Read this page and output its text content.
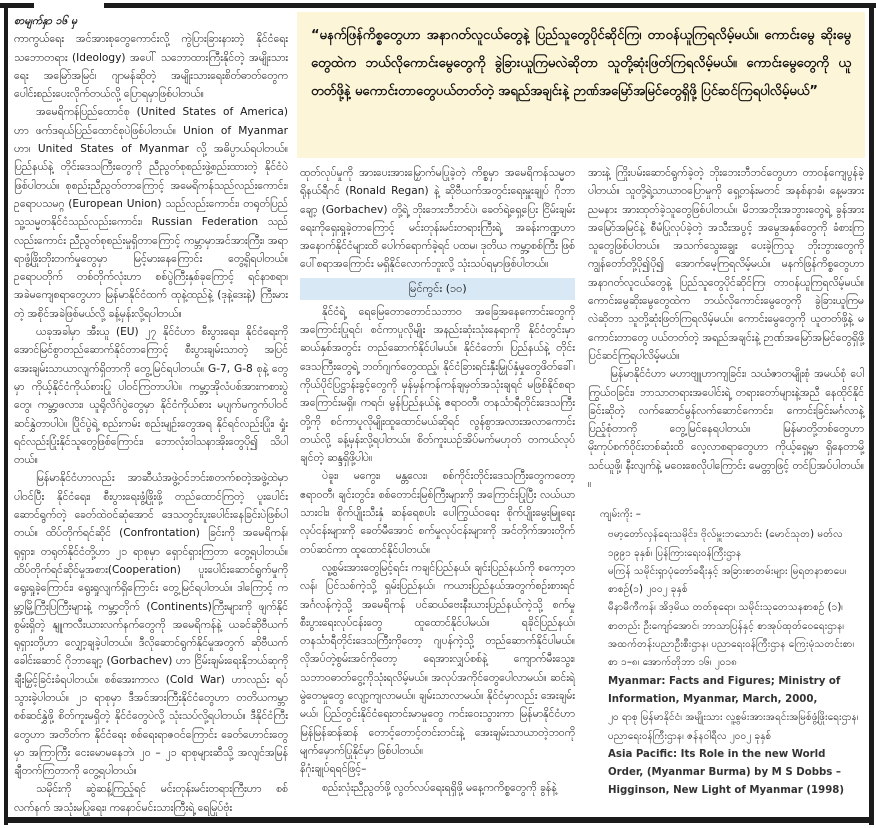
စာမျက်နှာ ၁၆ မှ

ကာကွယ်ရေး အင်အားစုတွေကောင်းလို့ ကွဲပြားခြားနားတဲ့ နိုင်ငံရေးသဘောတရား (Ideology) အပေါ် သဘောထားကြီးနိုင်တဲ့ အမျိုးသားရေး အမြော်အမြင်၊ ဂျာမန်ဆိုတဲ့ အမျိုးသားရေးစိတ်ဓာတ်တွေက ပေါင်းစည်းပေးလိုက်တယ်လို့ ပြောရမှာဖြစ်ပါတယ်။

အမေရိကန်ပြည်ထောင်စု (United States of America) ဟာ ဖက်ဒရယ်ပြည်ထောင်စုပဲဖြစ်ပါတယ်။ Union of Myanmar ဟာ၊ United States of Myanmar လို့ အဓိပ္ပာယ်ရပါတယ်။ ပြည်နယ်နဲ့ တိုင်းဒေသကြီးတွေကို ညီညွတ်စုစည်းဖွဲ့စည်းထားတဲ့ နိုင်ငံပဲဖြစ်ပါတယ်။ စုစည်းညီညွတ်တာကြောင့် အမေရိကန်သည်လည်းကောင်း၊ ဥရောပသမဂ္ဂ (European Union) သည်လည်းကောင်း၊ တရုတ်ပြည်သူ့သမ္မတနိုင်ငံသည်လည်းကောင်း၊ Russian Federation သည်လည်းကောင်း ညီညွတ်စုစည်းမှုရှိတာကြောင့် ကမ္ဘာမှာအင်အားကြီး၊ အရာရာဖွံ့ဖြိုးတိုးတက်မှုတွေမှာ မြင့်မားနေကြောင်း တွေ့ရှိရပါတယ်။ ဥရောပတိုက် တစ်တိုက်လုံးဟာ စစ်ပွဲကြီးနှစ်ခုကြောင့် ရင်နာစရာ၊ အခဲမကျေစရာတွေဟာ မြန်မာနိုင်ငံထက် ထုနဲ့ထည်နဲ့ (ဒုနဲ့ဒေးနဲ့) ကြီးမားတဲ့ အစိုင်အခဲဖြစ်မယ်လို့ ခန့်မှန်းလို့ရပါတယ်။

ယခုအခါမှာ အီးယူ (EU) ၂၇ နိုင်ငံဟာ စီးပွားရေး၊ နိုင်ငံရေးကို အောင်မြင်စွာတည်ဆောက်နိုင်တာကြောင့် စီးပွားချမ်းသာတဲ့ အပြင် အေးချမ်းသာယာလျက်ရှိတာကို တွေ့မြင်ရပါတယ်။ G-7, G-8 စုနဲ့ တွေမှာ ကိုယ့်နိုင်ငံကိုယ်စားပြု ပါဝင်ကြတာပါပဲ။ ကမ္ဘာ့အိုလံပစ်အားကစားပွဲတွေ၊ ကမ္ဘာ့ဖလား၊ ယူရိုလိဂ်ပွဲတွေမှာ နိုင်ငံကိုယ်စား မပျက်မကွက်ပါဝင်ဆင်နွှဲတာပါပဲ။ ပြိုင်ပွဲရဲ့ စည်းကမ်း စည်းမျဉ်းတွေအရ နိုင်ရင်လည်းပြုံး၊ ရှုံးရင်လည်းပြုံးနိုင်သူတွေဖြစ်ကြောင်း၊ ဘောလုံးဝါသနာအိုးတွေပို၍ သိပါတယ်။

မြန်မာနိုင်ငံဟာလည်း အာဆီယံအဖွဲ့ဝင်ဘင်းစတက်စတဲ့အဖွဲ့ထဲမှာပါဝင်ပြီး နိုင်ငံရေး၊ စီးပွားရေးဖွံ့ဖြိုးဖို့ တည်ထောင်ကြတဲ့ ပူးပေါင်း ဆောင်ရွက်တဲ့ ခေတ်ထဲဝင်ဆုံအောင် ဒေသတွင်းပူးပေါင်းနေခြင်းပဲဖြစ်ပါတယ်။ ထိပ်တိုက်ရင်ဆိုင် (Confrontation) ခြင်းကို အမေရိကန်၊ ရုရှား၊ တရုတ်နိုင်ငံတို့ဟာ ၂၁ ရာစုမှာ ရှောင်ရှားကြတာ တွေ့ရပါတယ်။ ထိပ်တိုက်ရင်ဆိုင်မှုအစား(Cooperation) ပူးပေါင်းဆောင်ရွက်မှုကို ရွေးရှုခဲ့ကြောင်း၊ ရွေးရှုလျက်ရှိကြောင်း တွေ့မြင်ရပါတယ်။ ဒါကြောင့် ကမ္ဘာ့မြို့ကြီးပြကြီးများနဲ့ ကမ္ဘာ့တိုက် (Continents)ကြီးများကို ဖျက်နိုင်စွမ်းရှိတဲ့ နျူကလီးယားလက်နက်တွေကို အမေရိကန်နဲ့ ယခင်ဆိုဗီယက်ရုရှားတို့ဟာ လျှော့ချခဲ့ပါတယ်။ ဒီလိုဆောင်ရွက်နိုင်မှုအတွက် ဆိုဗီယက်ခေါင်းဆောင် ဂိုဘာချော့ (Gorbachev) ဟာ ငြိမ်းချမ်းရေးနိုဘယ်ဆုကို ချီးမြှင့်ခြင်းခံရပါတယ်။ စစ်အေးကာလ (Cold War) ဟာလည်း ရပ်သွားခဲ့ပါတယ်။ ၂၁ ရာစုမှာ ဒီအင်အားကြီးနိုင်ငံတွေဟာ တတိယကမ္ဘာစစ်ဆင်နွှဲဖို့ စိတ်ကူးမရှိတဲ့ နိုင်ငံတွေပဲလို့ သုံးသပ်လို့ရပါတယ်။ ဒီနိုင်ငံကြီးတွေဟာ အတိတ်က နိုင်ငံရေး စစ်ရေးရာဇဝင်ကြောင်း ခေတ်ဟောင်းတွေမှာ အကြာကြီး ငေးမောမနေဘဲ၊ ၂၀ – ၂၁ ရာစုများဆီသို့ အလျင်အမြန် ချီတက်ကြတာကို တွေ့ရပါတယ်။

သမိုင်းကို ဆွဲဆန့်ကြည့်ရင် မင်းတုန်းမင်းတရားကြီးဟာ စစ်လက်နက် အသုံးမပြုရေး၊ ကနောင်မင်းသားကြီးရဲ့ ရေမြုပ်ဗုံး

“မနက်ဖြန်ကိစ္စတွေဟာ အနာဂတ်လူငယ်တွေနဲ့ ပြည်သူတွေပိုင်ဆိုင်ကြ၊ တာဝန်ယူကြရလိမ့်မယ်။ ကောင်းမွေ ဆိုးမွေတွေထဲက ဘယ်လိုကောင်းမွေတွေကို ခွဲခြားယူကြမလဲဆိုတာ သူတို့ဆုံးဖြတ်ကြရလိမ့်မယ်။ ကောင်းမွေတွေကို ယူတတ်ဖို့နဲ့ မကောင်းတာတွေပယ်တတ်တဲ့ အရည်အချင်းနဲ့ ဉာဏ်အမြော်အမြင်တွေရှိဖို့ ပြင်ဆင်ကြရပါလိမ့်မယ်”

ထုတ်လုပ်မှုကို အားပေးအားမြှောက်မပြုခဲ့တဲ့ ကိစ္စမှာ အမေရိကန်သမ္မတ ရိုနယ်ရီဂင် (Ronald Regan) နဲ့ ဆိုဗီယက်အတွင်းရေးမှူးချုပ် ဂိုဘာချော့ (Gorbachev) တို့ရဲ့ ဘိုးဘေးဘီဘင်ပဲ၊ ခေတ်ရဲ့ရှေ့ပြေး ငြိမ်းချမ်းရေးကိုရှေးရှုခဲ့တာကြောင့် မင်းတုန်းမင်းတရားကြီးရဲ့ အခန်းကဏ္ဍဟာ အနောက်နိုင်ငံများထိ ပေါက်ရောက်ခဲ့ရင် ပထမ၊ ဒုတိယ ကမ္ဘာ့စစ်ကြီး ဖြစ်ပေါ်စရာအကြောင်း မရှိနိုင်လောက်ဘူးလို့ သုံးသပ်ရမှာဖြစ်ပါတယ်။

မြင်ကွင်း (၁၀)

နိုင်ငံရဲ့ ရေမြေတောတောင်သဘာဝ အခြေအနေကောင်းတွေကို အကြောင်းပြုရင်၊ စင်ကာပူလိုမျိုး အနည်းဆုံးသုံးနေရာကို နိုင်ငံတွင်းမှာ ဆယ်နှစ်အတွင်း တည်ဆောက်နိုင်ပါမယ်။ နိုင်ငံတော်၊ ပြည်နယ်နဲ့ တိုင်းဒေသကြီးတွေရဲ့ ဘတ်ဂျက်တွေထည့်၊ နိုင်ငံခြားရင်းနှီးမြှုပ်နှံမှုတွေဖိတ်ခေါ်၊ ကိုယ်ပိုင်ပြဋ္ဌာန်းခွင့်တွေကို မှန်မှန်ကန်ကန်ချမှတ်အသုံးချရင် မဖြစ်နိုင်စရာအကြောင်းမရှိ။ ကရင်၊ မွန်ပြည်နယ်နဲ့ ဧရာဝတီ၊ တနင်္သာရီတိုင်းဒေသကြီးတို့ကို စင်ကာပူလိုမျိုးထူထောင်မယ်ဆိုရင် လွန်စွာအလားအလာကောင်းတယ်လို့ ခန့်မှန်းလို့ရပါတယ်။ စိတ်ကူးယဉ်အိပ်မက်မဟုတ် တကယ်လုပ်ချင်တဲ့ ဆန္ဒရှိဖို့ပါပဲ။

ပဲခူး၊ မကွေး၊ မန္တလေး၊ စစ်ကိုင်းတိုင်းဒေသကြီးတွေကတော့ ဧရာဝတီ၊ ချင်းတွင်း၊ စစ်တောင်းမြစ်ကြီးများကို အကြောင်းပြုပြီး လယ်ယာသားငါး၊ စိုက်ပျိုးသီးနှံ ဆန်ရေစပါး ပေါကြွယ်ဝရေး စိုက်ပျိုးမွေးမြူရေးလုပ်ငန်းများကို ခေတ်မီအောင် စက်မှုလုပ်ငန်းများကို အင်တိုက်အားတိုက် တပ်ဆင်ကာ ထူထောင်နိုင်ပါတယ်။

လူ့စွမ်းအားတွေမြင့်ရင်း ကချင်ပြည်နယ်၊ ချင်းပြည်နယ်ကို စကော့တလန်၊ ပြင်သစ်ကဲ့သို့ ရှမ်းပြည်နယ်၊ ကယားပြည်နယ်အတွက်စဉ်းစားရင် အင်္ဂလန်ကဲ့သို့ အမေရိကန် ပင်ဆယ်ဗေးနီးယားပြည်နယ်ကဲ့သို့ စက်မှုစီးပွားရေးလုပ်ငန်းတွေ ထူထောင်နိုင်ပါမယ်။ ရခိုင်ပြည်နယ်၊ တနင်္သာရီတိုင်းဒေသကြီးကိုတော့ ဂျပန်ကဲ့သို့ တည်ဆောက်နိုင်ပါမယ်။ လိုအပ်တဲ့စွမ်းအင်ကိုတော့ ရေအားလျှပ်စစ်နဲ့ ကျောက်မီးသွေး၊ သဘာဝဓာတ်ငွေ့ကိုသုံးရလိမ့်မယ်။ အလုပ်အကိုင်တွေပေါလာမယ်။ ဆင်းရဲမွဲတေမှုတွေ လျော့ကျလာမယ်။ ချမ်းသာလာမယ်။ နိုင်ငံမှာလည်း အေးချမ်းမယ်၊ ပြည်တွင်းနိုင်ငံရေးတင်းမာမှုတွေ ကင်းဝေးသွားကာ မြန်မာနိုင်ငံဟာ မြန်မြန်ဆန်ဆန် တောင့်တောင့်တင်းတင်းနဲ့ အေးချမ်းသာယာတဲ့ဘဝကို မျက်မှောက်ပြုနိုင်မှာ ဖြစ်ပါတယ်။

နိဂုံးချုပ်ရရင်ဖြင့်–

စည်းလုံးညီညွတ်ဖို့ လွတ်လပ်ရေးရရှိဖို့ မနေ့ကကိစ္စတွေကို ခွန်နဲ့

အားနဲ့ ကြိုးပမ်းဆောင်ရွက်ခဲ့တဲ့ ဘိုးဘေးဘီဘင်တွေဟာ တာဝန်ကျေပွန်ခဲ့ပါတယ်။ သူတို့ရဲ့သာယာဝပြောမှုကို ရှေ့တန်းမတင် အနစ်နာခံ၊ နေ့မအားညမနား အားထုတ်ခဲ့သူတွေဖြစ်ပါတယ်။ မိဘအဘိုးအဘွားတွေရဲ့ ခွန်အားအမြော်အမြင်နဲ့ စီမံပြုလုပ်ခဲ့တဲ့ အသီးအပွင့် အမွေအနှစ်တွေကို ခံစားကြသူတွေဖြစ်ပါတယ်။ အသက်သွေးချွေး ပေးခဲ့ကြသူ ဘိုးဘွားတွေကို ကျွန်တော်တို့ပို၍ပို၍ အောက်မေ့ကြရလိမ့်မယ်။ မနက်ဖြန်ကိစ္စတွေဟာ အနာဂတ်လူငယ်တွေနဲ့ ပြည်သူတွေပိုင်ဆိုင်ကြ၊ တာဝန်ယူကြရလိမ့်မယ်။ ကောင်းမွေဆိုးမွေတွေထဲက ဘယ်လိုကောင်းမွေတွေကို ခွဲခြားယူကြမလဲဆိုတာ သူတို့ဆုံးဖြတ်ကြရလိမ့်မယ်။ ကောင်းမွေတွေကို ယူတတ်ဖို့နဲ့ မကောင်းတာတွေ ပယ်တတ်တဲ့ အရည်အချင်းနဲ့ ဉာဏ်အမြော်အမြင်တွေရှိဖို့ ပြင်ဆင်ကြရပါလိမ့်မယ်။

မြန်မာနိုင်ငံဟာ မဟာဗျူဟာကျခြင်း၊ သယံဇာတမျိုးစုံ အမယ်စုံ ပေါကြွယ်ဝခြင်း၊ ဘာသာတရားအပေါင်းရဲ့ တရားတော်များနဲ့အညီ နေထိုင်နိုင်ခြင်းဆိုတဲ့ လက်ဆောင်မွန်လက်ဆောင်ကောင်း၊ ကောင်းခြင်းမင်္ဂလာနဲ့ ပြည့်စုံတာကို တွေ့မြင်နေရပါတယ်။ မြန်မာတို့တစ်တွေဟာ မိုးကုပ်စက်ဝိုင်းတစ်ဆုံးထိ လေ့လာစရာတွေဟာ ကိုယ့်ရှေ့မှာ ရှိနေတာမို့ သင်ယူဖို့၊ နီးလျက်နဲ့ မဝေးစေလိုပါကြောင်း မေတ္တာဖြင့် တင်ပြအပ်ပါတယ်။ ။

ကျမ်းကိုး –
ဗမာ့တော်လှန်ရေးသမိုင်း၊ ဗိုလ်မှူးဘသောင်း (မောင်သုတ) မတ်လ ၁၉၉၁ ခုနှစ်၊ ပြန်ကြားရေးဝန်ကြီးဌာန
မကြန် သမိုင်းရှာပုံတော်ခရီးနှင့် အခြားစာတမ်းများ မြရတနာစာပေ၊ စာစဉ်(၁) ၂၀၀၂ ခုနှစ်
မီနာမီကီကန်၊ အိဒ့မိယ တတ်စုရော၊ သမိုင်းသုတေသနစာစဉ် (၁)၊ စာတည်း ဦးကျော်အောင်၊ ဘာသာပြန်နှင့် စာအုပ်ထုတ်ဝေရေးဌာန၊ အထက်တန်းပညာဦးစီးဌာန၊ ပညာရေးဝန်ကြီးဌာန ကြေးမုံသတင်းစာ၊ စာ ၁–၈၊ အောက်တိုဘာ ၁၆၊ ၂၀၁၈
Myanmar: Facts and Figures; Ministry of Information, Myanmar, March, 2000,
၂၀ ရာစု မြန်မာနိုင်ငံ၊ အမျိုးသား လူ့စွမ်းအားအရင်းအမြစ်ဖွံ့ဖြိုးရေးဌာန၊ ပညာရေးဝန်ကြီးဌာန၊ ဇန်နဝါရီလ ၂၀၀၂ ခုနှစ်
Asia Pacific: Its Role in the new World Order, (Myanmar Burma) by M S Dobbs – Higginson, New Light of Myanmar (1998)
